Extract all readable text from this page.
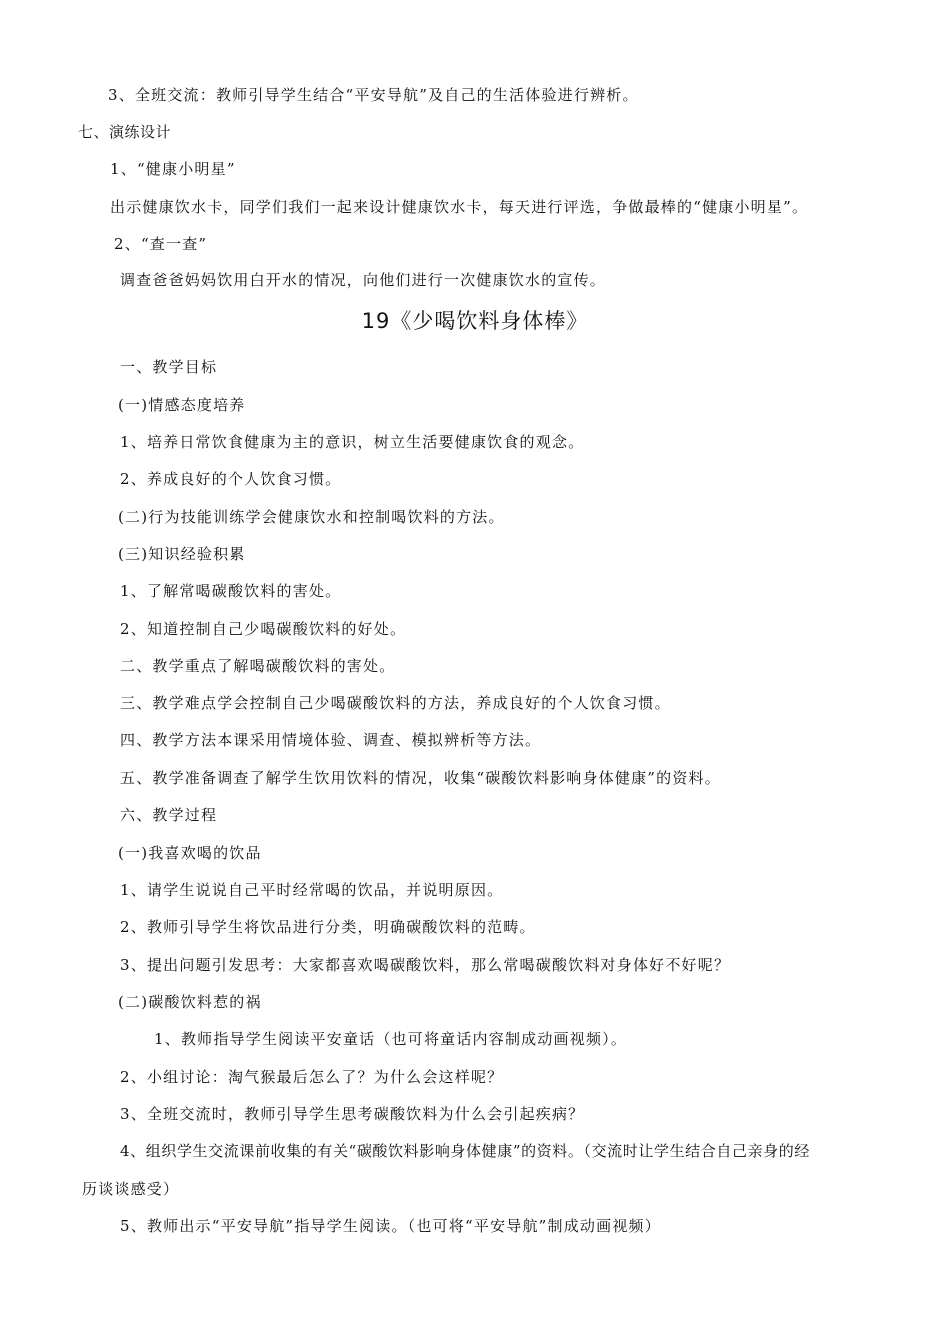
3、全班交流：教师引导学生结合“平安导航”及自己的生活体验进行辨析。
七、演练设计
1、“健康小明星”
出示健康饮水卡，同学们我们一起来设计健康饮水卡，每天进行评选，争做最棒的“健康小明星”。
2、“查一查”
调查爸爸妈妈饮用白开水的情况，向他们进行一次健康饮水的宣传。
19《少喝饮料身体棒》
一、教学目标
(一)情感态度培养
1、培养日常饮食健康为主的意识，树立生活要健康饮食的观念。
2、养成良好的个人饮食习惯。
(二)行为技能训练学会健康饮水和控制喝饮料的方法。
(三)知识经验积累
1、了解常喝碳酸饮料的害处。
2、知道控制自己少喝碳酸饮料的好处。
二、教学重点了解喝碳酸饮料的害处。
三、教学难点学会控制自己少喝碳酸饮料的方法，养成良好的个人饮食习惯。
四、教学方法本课采用情境体验、调查、模拟辨析等方法。
五、教学准备调查了解学生饮用饮料的情况，收集“碳酸饮料影响身体健康”的资料。
六、教学过程
(一)我喜欢喝的饮品
1、请学生说说自己平时经常喝的饮品，并说明原因。
2、教师引导学生将饮品进行分类，明确碳酸饮料的范畴。
3、提出问题引发思考：大家都喜欢喝碳酸饮料，那么常喝碳酸饮料对身体好不好呢？
(二)碳酸饮料惹的祸
1、教师指导学生阅读平安童话（也可将童话内容制成动画视频）。
2、小组讨论：淘气猴最后怎么了？为什么会这样呢？
3、全班交流时，教师引导学生思考碳酸饮料为什么会引起疾病？
4、组织学生交流课前收集的有关“碳酸饮料影响身体健康”的资料。（交流时让学生结合自己亲身的经
历谈谈感受）
5、教师出示“平安导航”指导学生阅读。（也可将“平安导航”制成动画视频）
